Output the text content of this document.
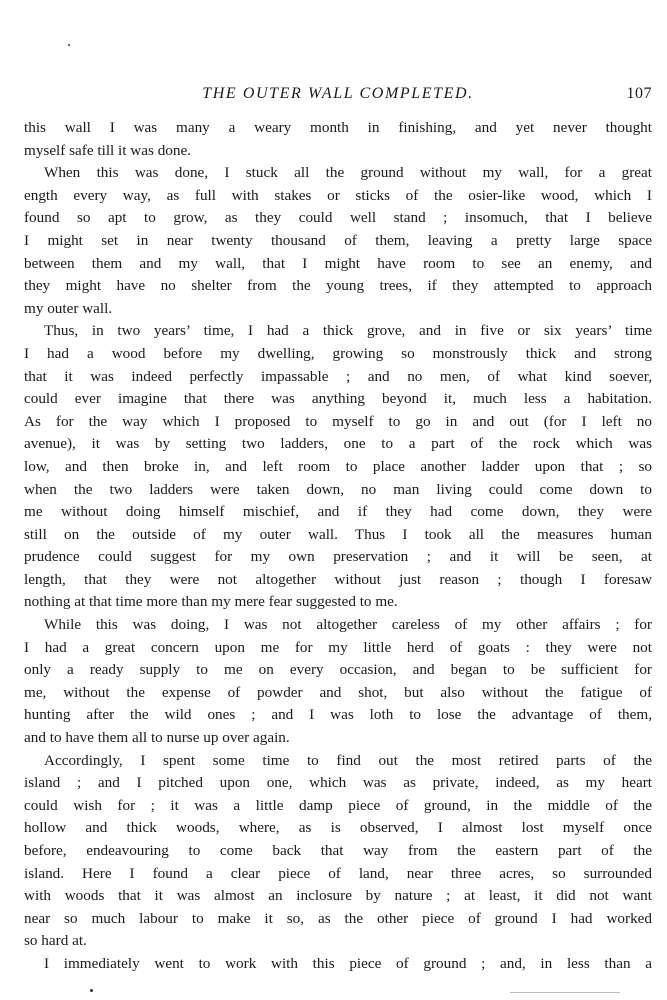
THE OUTER WALL COMPLETED.	107
this wall I was many a weary month in finishing, and yet never thought
myself safe till it was done.
When this was done, I stuck all the ground without my wall, for a great
ength every way, as full with stakes or sticks of the osier-like wood, which I
found so apt to grow, as they could well stand ; insomuch, that I believe
I might set in near twenty thousand of them, leaving a pretty large space
between them and my wall, that I might have room to see an enemy, and
they might have no shelter from the young trees, if they attempted to approach
my outer wall.
Thus, in two years’ time, I had a thick grove, and in five or six years’ time
I had a wood before my dwelling, growing so monstrously thick and strong
that it was indeed perfectly impassable ; and no men, of what kind soever,
could ever imagine that there was anything beyond it, much less a habitation.
As for the way which I proposed to myself to go in and out (for I left no
avenue), it was by setting two ladders, one to a part of the rock which was
low, and then broke in, and left room to place another ladder upon that ; so
when the two ladders were taken down, no man living could come down to
me without doing himself mischief, and if they had come down, they were
still on the outside of my outer wall. Thus I took all the measures human
prudence could suggest for my own preservation ; and it will be seen, at
length, that they were not altogether without just reason ; though I foresaw
nothing at that time more than my mere fear suggested to me.
While this was doing, I was not altogether careless of my other affairs ; for
I had a great concern upon me for my little herd of goats : they were not
only a ready supply to me on every occasion, and began to be sufficient for
me, without the expense of powder and shot, but also without the fatigue of
hunting after the wild ones ; and I was loth to lose the advantage of them,
and to have them all to nurse up over again.
Accordingly, I spent some time to find out the most retired parts of the
island ; and I pitched upon one, which was as private, indeed, as my heart
could wish for ; it was a little damp piece of ground, in the middle of the
hollow and thick woods, where, as is observed, I almost lost myself once
before, endeavouring to come back that way from the eastern part of the
island. Here I found a clear piece of land, near three acres, so surrounded
with woods that it was almost an inclosure by nature ; at least, it did not want
near so much labour to make it so, as the other piece of ground I had worked
so hard at.
I immediately went to work with this piece of ground ; and, in less than a
